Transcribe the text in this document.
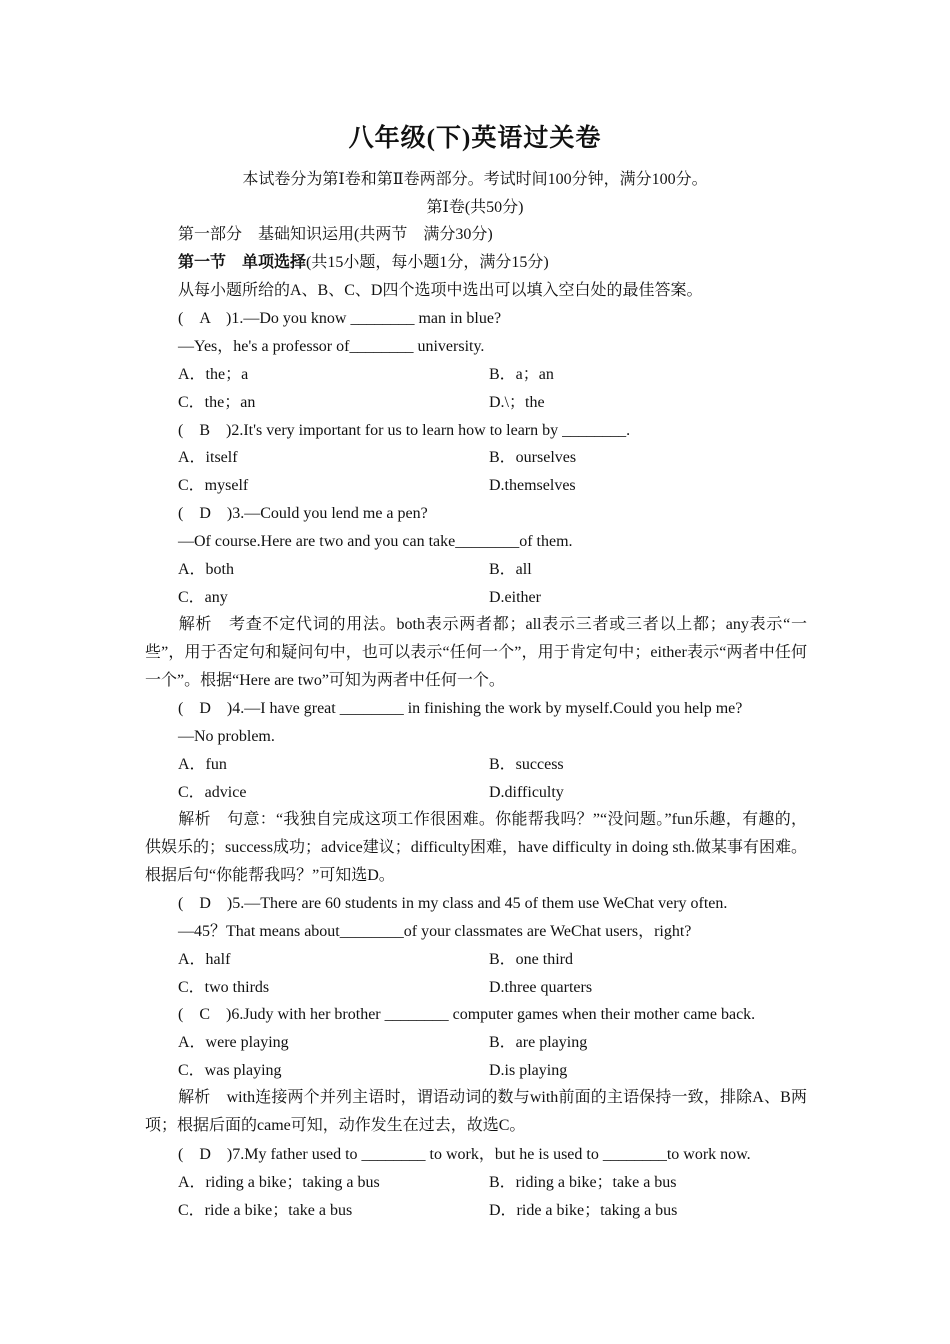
八年级(下)英语过关卷
本试卷分为第Ⅰ卷和第Ⅱ卷两部分。考试时间100分钟，满分100分。
第Ⅰ卷(共50分)
第一部分　基础知识运用(共两节　满分30分)
第一节　单项选择(共15小题，每小题1分，满分15分)
从每小题所给的A、B、C、D四个选项中选出可以填入空白处的最佳答案。
(　A　)1.—Do you know ________ man in blue?
—Yes，he's a professor of________ university.
A．the；a	B．a；an
C．the；an	D.\；the
(　B　)2.It's very important for us to learn how to learn by ________.
A．itself	B．ourselves
C．myself	D.themselves
(　D　)3.—Could you lend me a pen?
—Of course.Here are two and you can take________of them.
A．both	B．all
C．any	D.either
解析　考查不定代词的用法。both表示两者都；all表示三者或三者以上都；any表示“一些”，用于否定句和疑问句中，也可以表示“任何一个”，用于肯定句中；either表示“两者中任何一个”。根据“Here are two”可知为两者中任何一个。
(　D　)4.—I have great ________ in finishing the work by myself.Could you help me?
—No problem.
A．fun	B．success
C．advice	D.difficulty
解析　句意：“我独自完成这项工作很困难。你能帮我吗？”“没问题。”fun乐趣，有趣的，供娱乐的；success成功；advice建议；difficulty困难，have difficulty in doing sth.做某事有困难。根据后句“你能帮我吗？”可知选D。
(　D　)5.—There are 60 students in my class and 45 of them use WeChat very often.
—45？That means about________of your classmates are WeChat users，right?
A．half	B．one third
C．two thirds	D.three quarters
(　C　)6.Judy with her brother ________ computer games when their mother came back.
A．were playing	B．are playing
C．was playing	D.is playing
解析　with连接两个并列主语时，谓语动词的数与with前面的主语保持一致，排除A、B两项；根据后面的came可知，动作发生在过去，故选C。
(　D　)7.My father used to ________ to work，but he is used to ________to work now.
A．riding a bike；taking a bus	B．riding a bike；take a bus
C．ride a bike；take a bus	D．ride a bike；taking a bus
